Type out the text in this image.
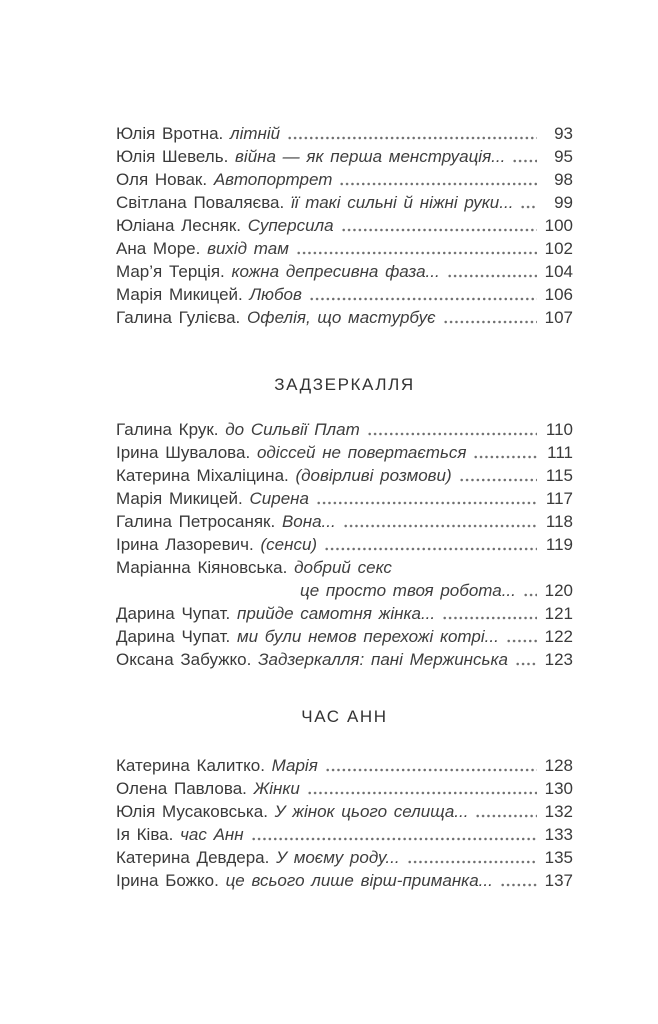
Юлія Вротна. літній	93
Юлія Шевель. війна — як перша менструація...	95
Оля Новак. Автопортрет	98
Світлана Поваляєва. її такі сильні й ніжні руки...	99
Юліана Лесняк. Суперсила	100
Ана Море. вихід там	102
Мар’я Терція. кожна депресивна фаза...	104
Марія Микицей. Любов	106
Галина Гулієва. Офелія, що мастурбує	107
ЗАДЗЕРКАЛЛЯ
Галина Крук. до Сильвії Плат	110
Ірина Шувалова. одіссей не повертається	111
Катерина Міхаліцина. (довірливі розмови)	115
Марія Микицей. Сирена	117
Галина Петросаняк. Вона...	118
Ірина Лазоревич. (сенси)	119
Маріанна Кіяновська. добрий секс
це просто твоя робота... 120
Дарина Чупат. прийде самотня жінка...	121
Дарина Чупат. ми були немов перехожі котрі...	122
Оксана Забужко. Задзеркалля: пані Мержинська 123
ЧАС АНН
Катерина Калитко. Марія	128
Олена Павлова. Жінки	130
Юлія Мусаковська. У жінок цього селища...	132
Ія Ківа. час Анн	133
Катерина Девдера. У моєму роду...	135
Ірина Божко. це всього лише вірш-приманка...	137
